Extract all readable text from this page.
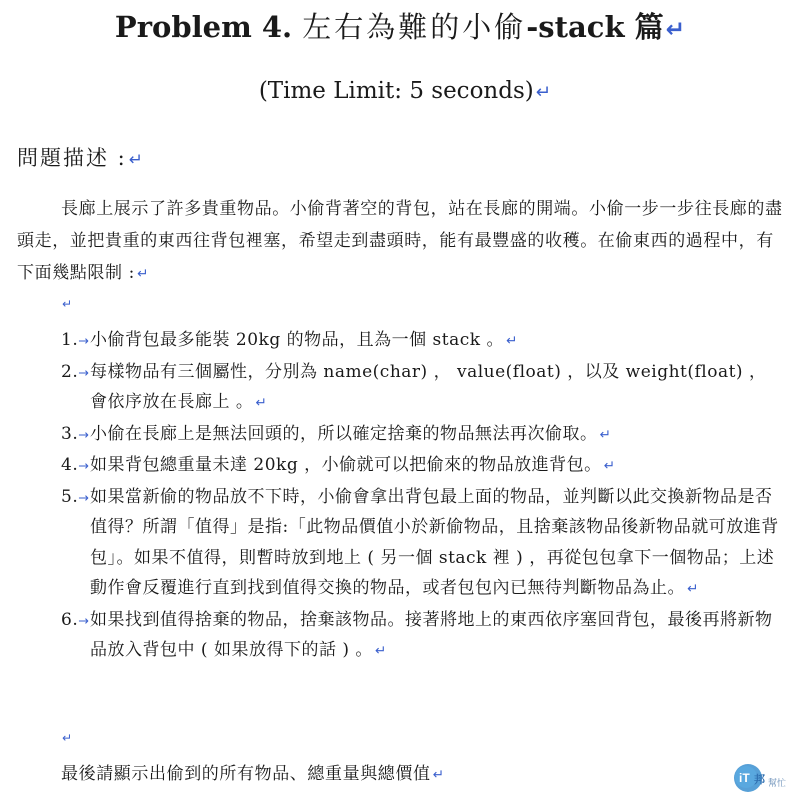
Problem 4. 左右為難的小偷-stack 篇↵
(Time Limit: 5 seconds) ↵
問題描述 : ↵
長廊上展示了許多貴重物品。小偷背著空的背包，站在長廊的開端。小偷一步一步往長廊的盡頭走，並把貴重的東西往背包裡塞，希望走到盡頭時，能有最豐盛的收穫。在偷東西的過程中，有下面幾點限制 : ↵
↵
1.→ 小偷背包最多能裝 20kg 的物品，且為一個 stack 。 ↵
2.→ 每樣物品有三個屬性，分別為 name(char) ， value(float) ，以及 weight(float) ，會依序放在長廊上 。 ↵
3.→ 小偷在長廊上是無法回頭的，所以確定捨棄的物品無法再次偷取。 ↵
4.→ 如果背包總重量未達 20kg ，小偷就可以把偷來的物品放進背包。 ↵
5.→ 如果當新偷的物品放不下時，小偷會拿出背包最上面的物品，並判斷以此交換新物品是否值得？所謂「值得」是指:「此物品價值小於新偷物品，且捨棄該物品後新物品就可放進背包」。如果不值得，則暫時放到地上 ( 另一個 stack 裡 ) ，再從包包拿下一個物品；上述動作會反覆進行直到找到值得交換的物品，或者包包內已無待判斷物品為止。 ↵
6.→ 如果找到值得捨棄的物品，捨棄該物品。接著將地上的東西依序塞回背包，最後再將新物品放入背包中 ( 如果放得下的話 ) 。 ↵
↵
最後請顯示出偷到的所有物品、總重量與總價值 ↵	iT 邦 幫忙
